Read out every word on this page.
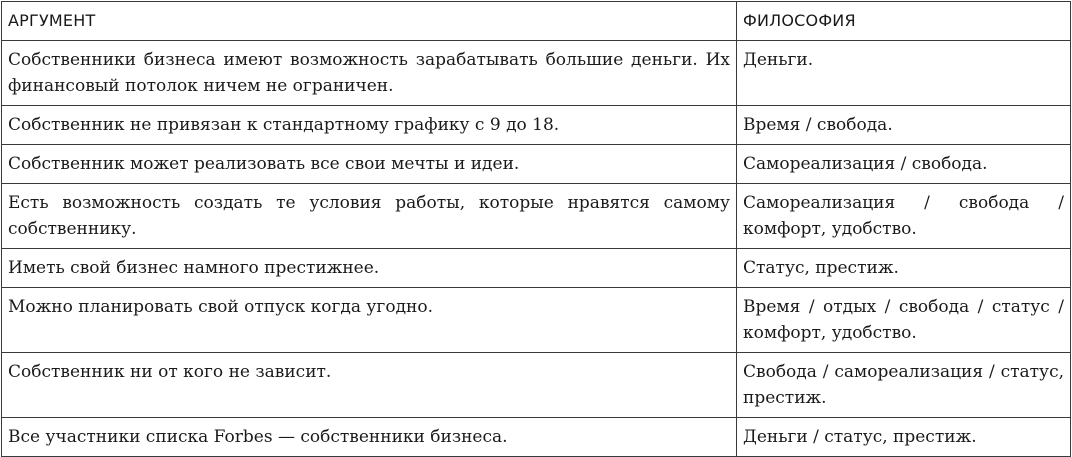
АРГУМЕНТ	ФИЛОСОФИЯ
Собственники бизнеса имеют возможность зарабатывать большие деньги. Их финансовый потолок ничем не ограничен.	Деньги.
Собственник не привязан к стандартному графику с 9 до 18.	Время / свобода.
Собственник может реализовать все свои мечты и идеи.	Самореализация / свобода.
Есть возможность создать те условия работы, которые нравятся самому собственнику.	Самореализация / свобода / комфорт, удобство.
Иметь свой бизнес намного престижнее.	Статус, престиж.
Можно планировать свой отпуск когда угодно.	Время / отдых / свобода / статус / комфорт, удобство.
Собственник ни от кого не зависит.	Свобода / самореализация / статус, престиж.
Все участники списка Forbes — собственники бизнеса.	Деньги / статус, престиж.
